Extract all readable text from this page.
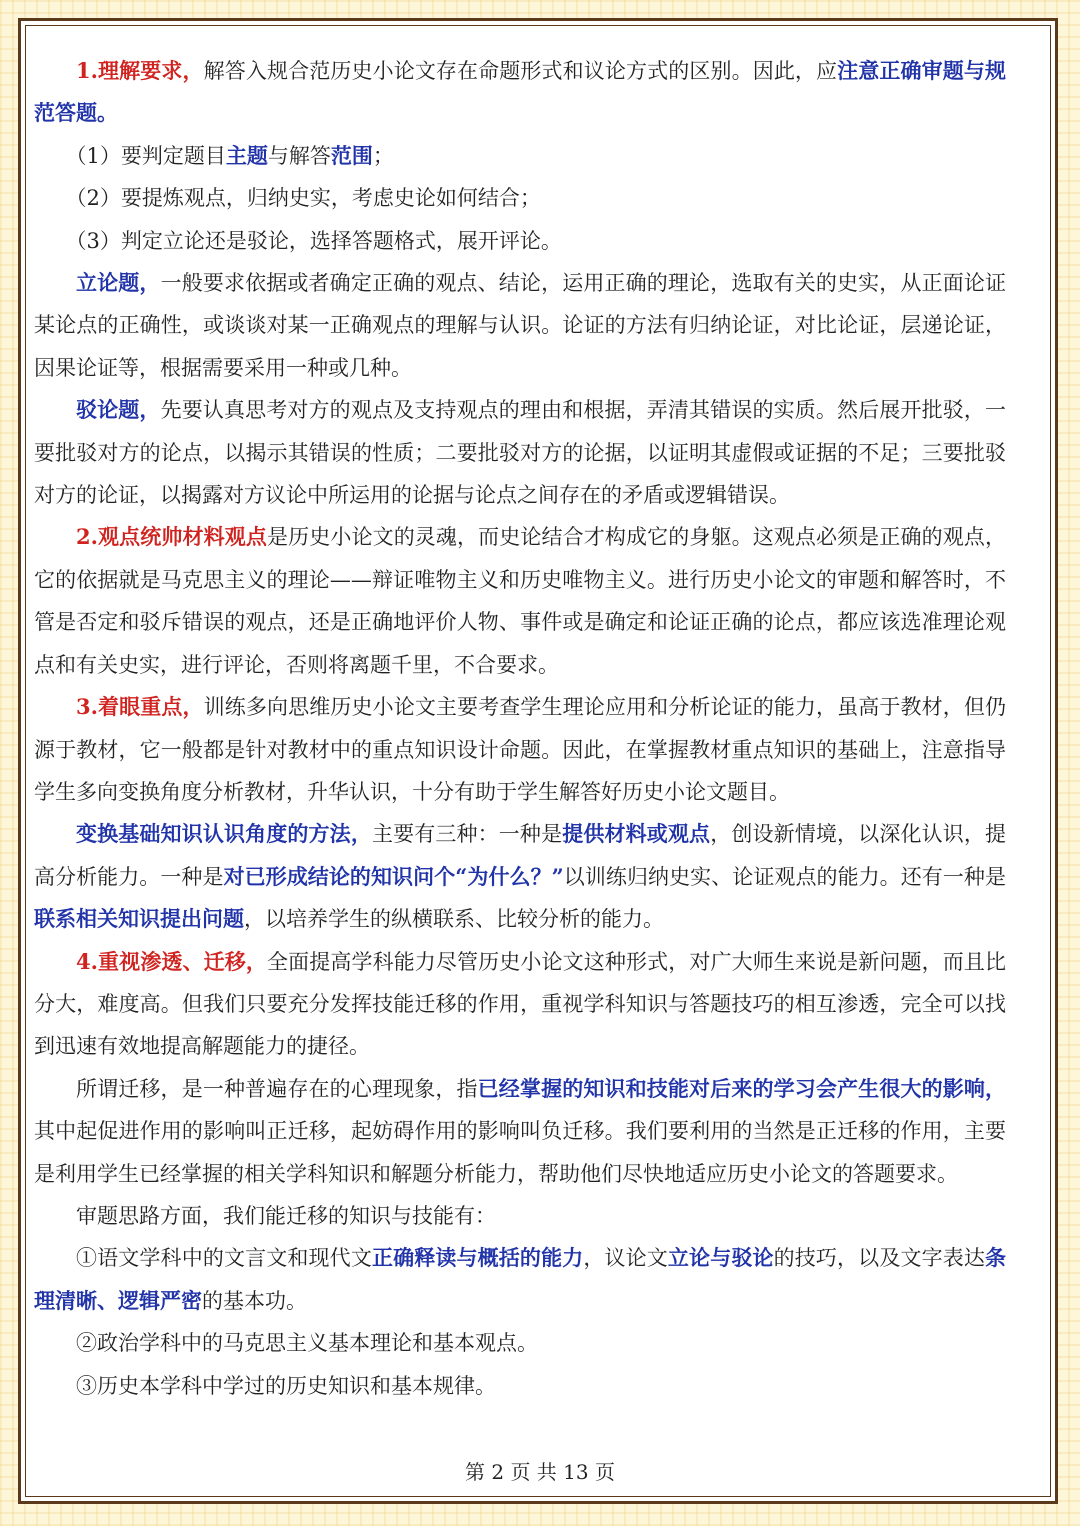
1.理解要求，解答入规合范历史小论文存在命题形式和议论方式的区别。因此，应注意正确审题与规范答题。

（1）要判定题目主题与解答范围；

（2）要提炼观点，归纳史实，考虑史论如何结合；

（3）判定立论还是驳论，选择答题格式，展开评论。

立论题，一般要求依据或者确定正确的观点、结论，运用正确的理论，选取有关的史实，从正面论证某论点的正确性，或谈谈对某一正确观点的理解与认识。论证的方法有归纳论证，对比论证，层递论证，因果论证等，根据需要采用一种或几种。

驳论题，先要认真思考对方的观点及支持观点的理由和根据，弄清其错误的实质。然后展开批驳，一要批驳对方的论点，以揭示其错误的性质；二要批驳对方的论据，以证明其虚假或证据的不足；三要批驳对方的论证，以揭露对方议论中所运用的论据与论点之间存在的矛盾或逻辑错误。

2.观点统帅材料观点是历史小论文的灵魂，而史论结合才构成它的身躯。这观点必须是正确的观点，它的依据就是马克思主义的理论——辩证唯物主义和历史唯物主义。进行历史小论文的审题和解答时，不管是否定和驳斥错误的观点，还是正确地评价人物、事件或是确定和论证正确的论点，都应该选准理论观点和有关史实，进行评论，否则将离题千里，不合要求。

3.着眼重点，训练多向思维历史小论文主要考查学生理论应用和分析论证的能力，虽高于教材，但仍源于教材，它一般都是针对教材中的重点知识设计命题。因此，在掌握教材重点知识的基础上，注意指导学生多向变换角度分析教材，升华认识，十分有助于学生解答好历史小论文题目。

变换基础知识认识角度的方法，主要有三种：一种是提供材料或观点，创设新情境，以深化认识，提高分析能力。一种是对已形成结论的知识问个“为什么？”以训练归纳史实、论证观点的能力。还有一种是联系相关知识提出问题，以培养学生的纵横联系、比较分析的能力。

4.重视渗透、迁移，全面提高学科能力尽管历史小论文这种形式，对广大师生来说是新问题，而且比分大，难度高。但我们只要充分发挥技能迁移的作用，重视学科知识与答题技巧的相互渗透，完全可以找到迅速有效地提高解题能力的捷径。

所谓迁移，是一种普遍存在的心理现象，指已经掌握的知识和技能对后来的学习会产生很大的影响，其中起促进作用的影响叫正迁移，起妨碍作用的影响叫负迁移。我们要利用的当然是正迁移的作用，主要是利用学生已经掌握的相关学科知识和解题分析能力，帮助他们尽快地适应历史小论文的答题要求。

审题思路方面，我们能迁移的知识与技能有：

①语文学科中的文言文和现代文正确释读与概括的能力，议论文立论与驳论的技巧，以及文字表达条理清晰、逻辑严密的基本功。

②政治学科中的马克思主义基本理论和基本观点。

③历史本学科中学过的历史知识和基本规律。

第 2 页 共 13 页
